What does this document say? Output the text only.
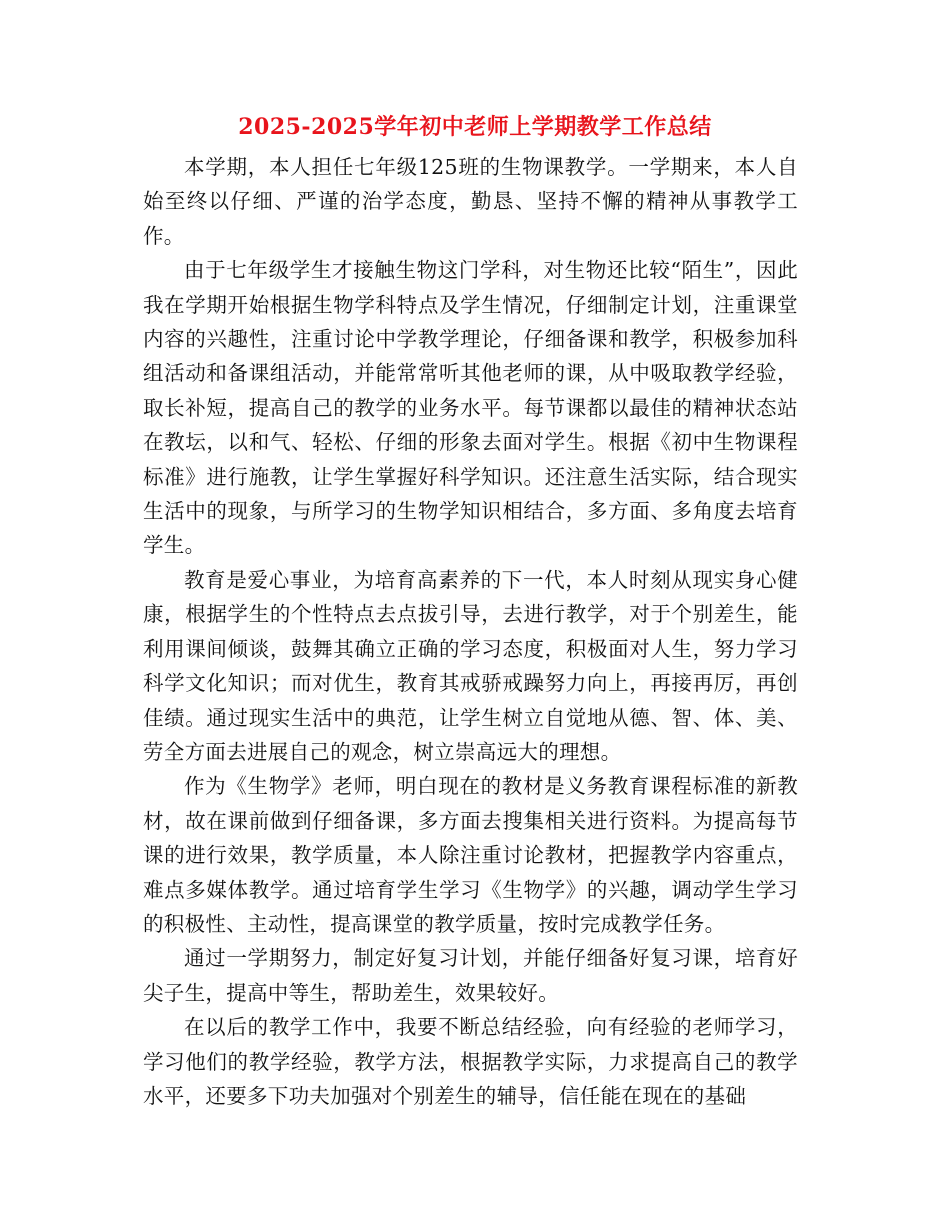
2025-2025学年初中老师上学期教学工作总结

本学期，本人担任七年级125班的生物课教学。一学期来，本人自始至终以仔细、严谨的治学态度，勤恳、坚持不懈的精神从事教学工作。

由于七年级学生才接触生物这门学科，对生物还比较“陌生”，因此我在学期开始根据生物学科特点及学生情况，仔细制定计划，注重课堂内容的兴趣性，注重讨论中学教学理论，仔细备课和教学，积极参加科组活动和备课组活动，并能常常听其他老师的课，从中吸取教学经验，取长补短，提高自己的教学的业务水平。每节课都以最佳的精神状态站在教坛，以和气、轻松、仔细的形象去面对学生。根据《初中生物课程标准》进行施教，让学生掌握好科学知识。还注意生活实际，结合现实生活中的现象，与所学习的生物学知识相结合，多方面、多角度去培育学生。

教育是爱心事业，为培育高素养的下一代，本人时刻从现实身心健康，根据学生的个性特点去点拔引导，去进行教学，对于个别差生，能利用课间倾谈，鼓舞其确立正确的学习态度，积极面对人生，努力学习科学文化知识；而对优生，教育其戒骄戒躁努力向上，再接再厉，再创佳绩。通过现实生活中的典范，让学生树立自觉地从德、智、体、美、劳全方面去进展自己的观念，树立崇高远大的理想。

作为《生物学》老师，明白现在的教材是义务教育课程标准的新教材，故在课前做到仔细备课，多方面去搜集相关进行资料。为提高每节课的进行效果，教学质量，本人除注重讨论教材，把握教学内容重点，难点多媒体教学。通过培育学生学习《生物学》的兴趣，调动学生学习的积极性、主动性，提高课堂的教学质量，按时完成教学任务。

通过一学期努力，制定好复习计划，并能仔细备好复习课，培育好尖子生，提高中等生，帮助差生，效果较好。

在以后的教学工作中，我要不断总结经验，向有经验的老师学习，学习他们的教学经验，教学方法，根据教学实际，力求提高自己的教学水平，还要多下功夫加强对个别差生的辅导，信任能在现在的基础
